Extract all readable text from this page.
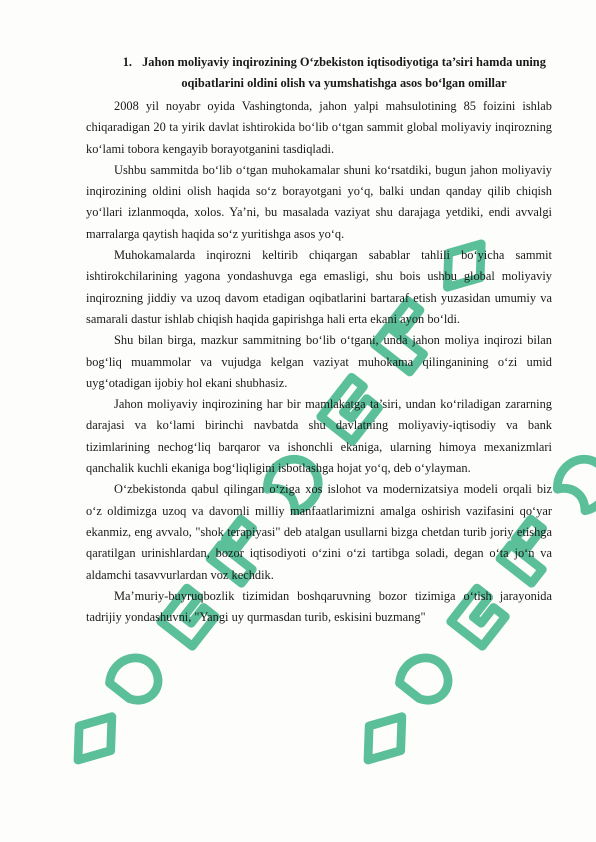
1. Jahon moliyaviy inqirozining O‘zbekiston iqtisodiyotiga ta’siri hamda uning oqibatlarini oldini olish va yumshatishga asos bo‘lgan omillar

2008 yil noyabr oyida Vashingtonda, jahon yalpi mahsulotining 85 foizini ishlab chiqaradigan 20 ta yirik davlat ishtirokida bo‘lib o‘tgan sammit global moliyaviy inqirozning ko‘lami tobora kengayib borayotganini tasdiqladi.

Ushbu sammitda bo‘lib o‘tgan muhokamalar shuni ko‘rsatdiki, bugun jahon moliyaviy inqirozining oldini olish haqida so‘z borayotgani yo‘q, balki undan qanday qilib chiqish yo‘llari izlanmoqda, xolos. Ya’ni, bu masalada vaziyat shu darajaga yetdiki, endi avvalgi marralarga qaytish haqida so‘z yuritishga asos yo‘q.

Muhokamalarda inqirozni keltirib chiqargan sabablar tahlili bo‘yicha sammit ishtirokchilarining yagona yondashuvga ega emasligi, shu bois ushbu global moliyaviy inqirozning jiddiy va uzoq davom etadigan oqibatlarini bartaraf etish yuzasidan umumiy va samarali dastur ishlab chiqish haqida gapirishga hali erta ekani ayon bo‘ldi.

Shu bilan birga, mazkur sammitning bo‘lib o‘tgani, unda jahon moliya inqirozi bilan bog‘liq muammolar va vujudga kelgan vaziyat muhokama qilinganining o‘zi umid uyg‘otadigan ijobiy hol ekani shubhasiz.

Jahon moliyaviy inqirozining har bir mamlakatga ta’siri, undan ko‘riladigan zararning darajasi va ko‘lami birinchi navbatda shu davlatning moliyaviy-iqtisodiy va bank tizimlarining nechog‘liq barqaror va ishonchli ekaniga, ularning himoya mexanizmlari qanchalik kuchli ekaniga bog‘liqligini isbotlashga hojat yo‘q, deb o‘ylayman.

O‘zbekistonda qabul qilingan o‘ziga xos islohot va modernizatsiya modeli orqali biz o‘z oldimizga uzoq va davomli milliy manfaatlarimizni amalga oshirish vazifasini qo‘yar ekanmiz, eng avvalo, "shok terapiyasi" deb atalgan usullarni bizga chetdan turib joriy etishga qaratilgan urinishlardan, bozor iqtisodiyoti o‘zini o‘zi tartibga soladi, degan o‘ta jo‘n va aldamchi tasavvurlardan voz kechdik.

Ma’muriy-buyruqbozlik tizimidan boshqaruvning bozor tizimiga o‘tish jarayonida tadrijiy yondashuvni, "Yangi uy qurmasdan turib, eskisini buzmang"
